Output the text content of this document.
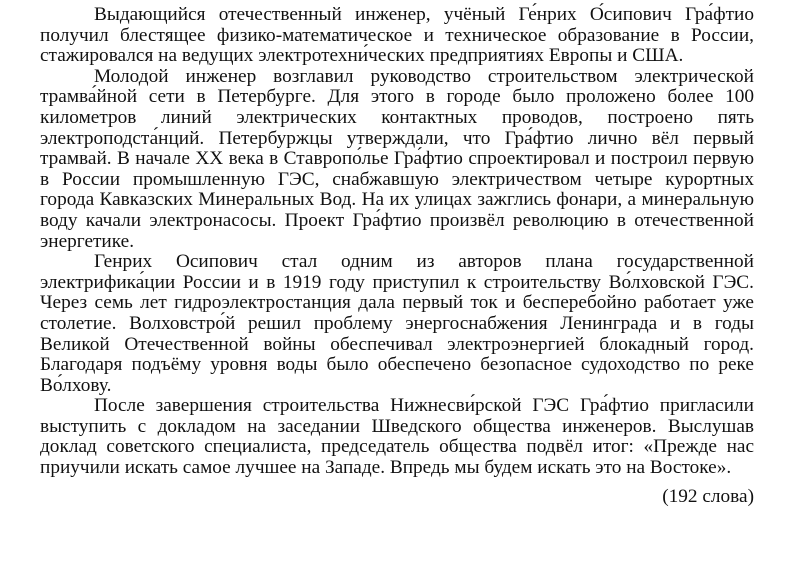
Выдающийся отечественный инженер, учёный Ге́нрих О́сипович Гра́фтио получил блестящее физико-математическое и техническое образование в России, стажировался на ведущих электротехни́ческих предприятиях Европы и США.

Молодой инженер возглавил руководство строительством электрической трамва́йной сети в Петербурге. Для этого в городе было проложено более 100 километров линий электрических контактных проводов, построено пять электроподста́нций. Петербуржцы утверждали, что Гра́фтио лично вёл первый трамвай. В начале XX века в Ставропо́лье Гра́фтио спроектировал и построил первую в России промышленную ГЭС, снабжавшую электричеством четыре курортных города Кавказских Минеральных Вод. На их улицах зажглись фонари, а минеральную воду качали электронасосы. Проект Гра́фтио произвёл революцию в отечественной энергетике.

Генрих Осипович стал одним из авторов плана государственной электрифика́ции России и в 1919 году приступил к строительству Во́лховской ГЭС. Через семь лет гидроэлектростанция дала первый ток и бесперебойно работает уже столетие. Волховстро́й решил проблему энергоснабжения Ленинграда и в годы Великой Отечественной войны обеспечивал электроэнергией блокадный город. Благодаря подъёму уровня воды было обеспечено безопасное судоходство по реке Во́лхову.

После завершения строительства Нижнесви́рской ГЭС Гра́фтио пригласили выступить с докладом на заседании Шведского общества инженеров. Выслушав доклад советского специалиста, председатель общества подвёл итог: «Прежде нас приучили искать самое лучшее на Западе. Впредь мы будем искать это на Востоке».

(192 слова)
